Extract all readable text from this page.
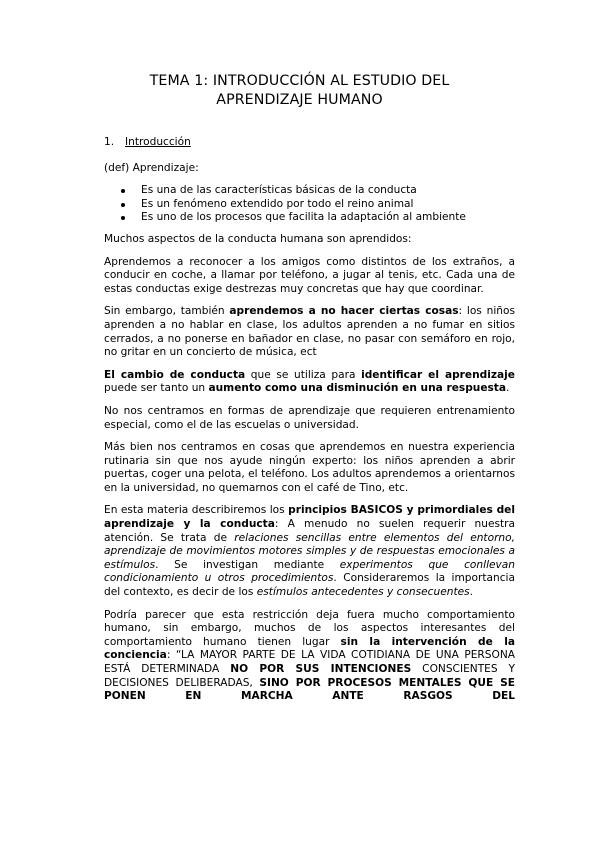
TEMA 1: INTRODUCCIÓN AL ESTUDIO DEL
APRENDIZAJE HUMANO
1.	Introducción

(def) Aprendizaje:

Es una de las características básicas de la conducta
Es un fenómeno extendido por todo el reino animal
Es uno de los procesos que facilita la adaptación al ambiente

Muchos aspectos de la conducta humana son aprendidos:

Aprendemos a reconocer a los amigos como distintos de los extraños, a conducir en coche, a llamar por teléfono, a jugar al tenis, etc. Cada una de estas conductas exige destrezas muy concretas que hay que coordinar.

Sin embargo, también aprendemos a no hacer ciertas cosas: los niños aprenden a no hablar en clase, los adultos aprenden a no fumar en sitios cerrados, a no ponerse en bañador en clase, no pasar con semáforo en rojo, no gritar en un concierto de música, ect

El cambio de conducta que se utiliza para identificar el aprendizaje puede ser tanto un aumento como una disminución en una respuesta.

No nos centramos en formas de aprendizaje que requieren entrenamiento especial, como el de las escuelas o universidad.

Más bien nos centramos en cosas que aprendemos en nuestra experiencia rutinaria sin que nos ayude ningún experto: los niños aprenden a abrir puertas, coger una pelota, el teléfono. Los adultos aprendemos a orientarnos en la universidad, no quemarnos con el café de Tino, etc.

En esta materia describiremos los principios BASICOS y primordiales del aprendizaje y la conducta: A menudo no suelen requerir nuestra atención. Se trata de relaciones sencillas entre elementos del entorno, aprendizaje de movimientos motores simples y de respuestas emocionales a estímulos. Se investigan mediante experimentos que conllevan condicionamiento u otros procedimientos. Consideraremos la importancia del contexto, es decir de los estímulos antecedentes y consecuentes.

Podría parecer que esta restricción deja fuera mucho comportamiento humano, sin embargo, muchos de los aspectos interesantes del comportamiento humano tienen lugar sin la intervención de la conciencia: “LA MAYOR PARTE DE LA VIDA COTIDIANA DE UNA PERSONA ESTÁ DETERMINADA NO POR SUS INTENCIONES CONSCIENTES Y DECISIONES DELIBERADAS, SINO POR PROCESOS MENTALES QUE SE PONEN EN MARCHA ANTE RASGOS DEL
